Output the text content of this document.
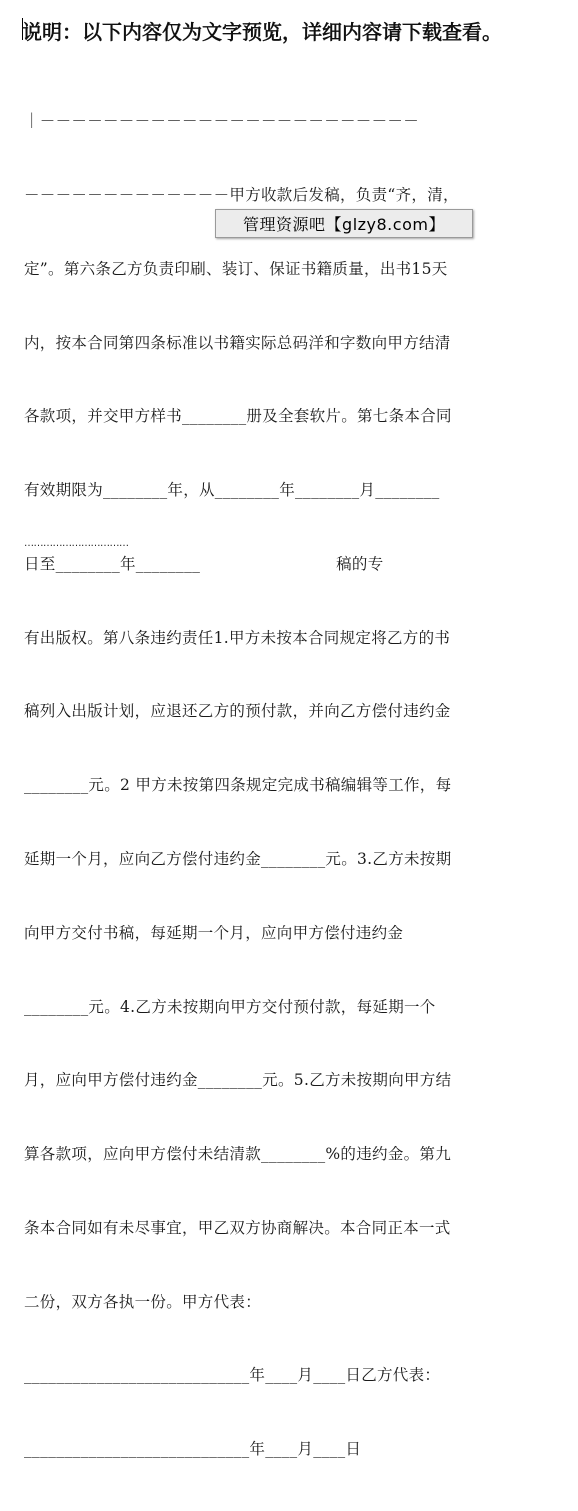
说明：以下内容仅为文字预览，详细内容请下载查看。

｜－－－－－－－－－－－－－－－－－－－－－－－－

－－－－－－－－－－－－－甲方收款后发稿，负责“齐，清，

定”。第六条乙方负责印刷、装订、保证书籍质量，出书15天

内，按本合同第四条标准以书籍实际总码洋和字数向甲方结清

各款项，并交甲方样书________册及全套软片。第七条本合同

有效期限为________年，从________年________月________

日至________年________                          稿的专

有出版权。第八条违约责任1.甲方未按本合同规定将乙方的书

稿列入出版计划，应退还乙方的预付款，并向乙方偿付违约金

________元。2 甲方未按第四条规定完成书稿编辑等工作，每

延期一个月，应向乙方偿付违约金________元。3.乙方未按期

向甲方交付书稿，每延期一个月，应向甲方偿付违约金

________元。4.乙方未按期向甲方交付预付款，每延期一个

月，应向甲方偿付违约金________元。5.乙方未按期向甲方结

算各款项，应向甲方偿付未结清款________%的违约金。第九

条本合同如有未尽事宜，甲乙双方协商解决。本合同正本一式

二份，双方各执一份。甲方代表：

____________________________年____月____日乙方代表：

____________________________年____月____日

管理资源吧【glzy8.com】
……………………………
